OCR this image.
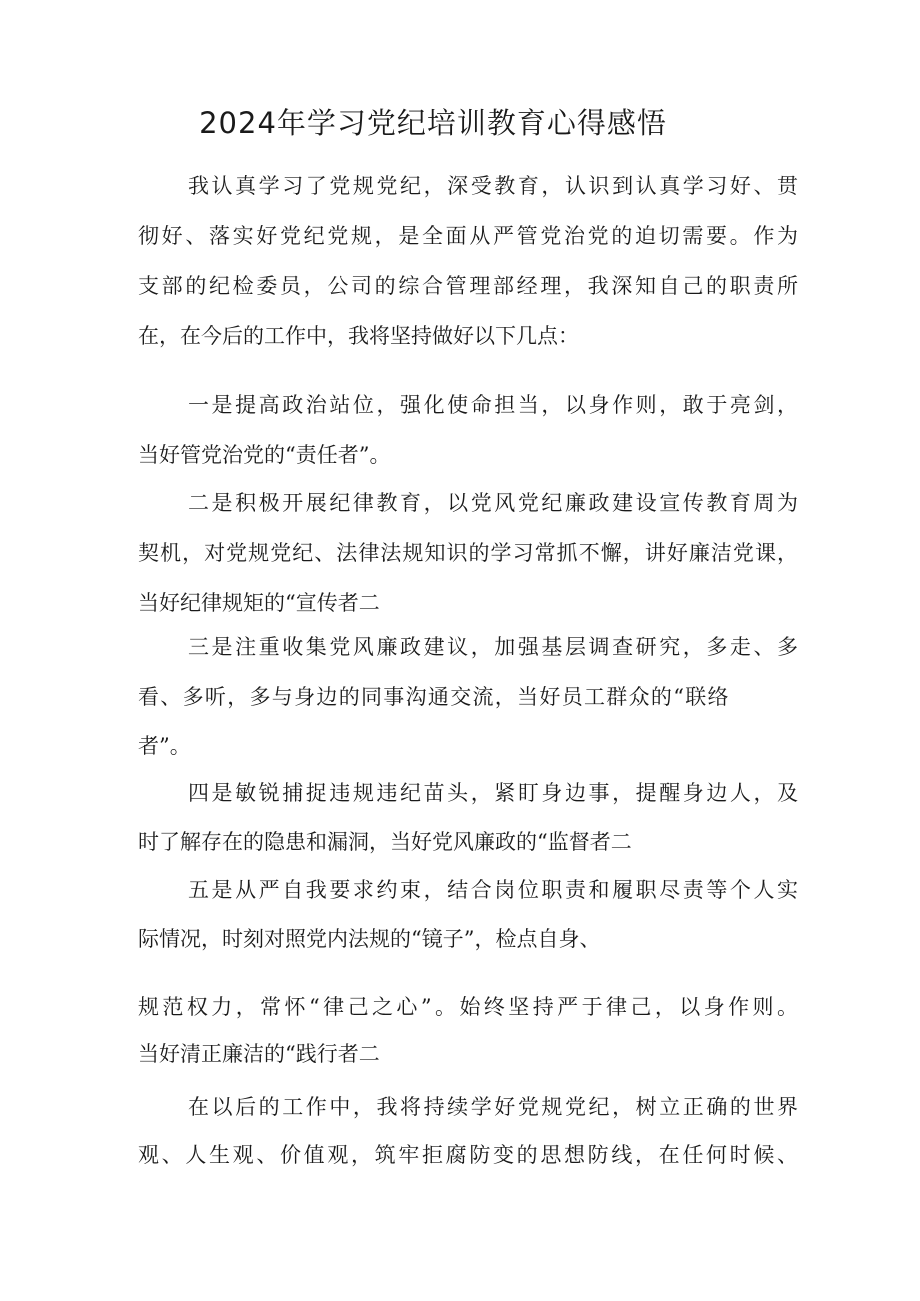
2024年学习党纪培训教育心得感悟
我认真学习了党规党纪，深受教育，认识到认真学习好、贯
彻好、落实好党纪党规，是全面从严管党治党的迫切需要。作为
支部的纪检委员，公司的综合管理部经理，我深知自己的职责所
在，在今后的工作中，我将坚持做好以下几点：
一是提高政治站位，强化使命担当，以身作则，敢于亮剑，
当好管党治党的“责任者”。
二是积极开展纪律教育，以党风党纪廉政建设宣传教育周为
契机，对党规党纪、法律法规知识的学习常抓不懈，讲好廉洁党课，
当好纪律规矩的“宣传者二
三是注重收集党风廉政建议，加强基层调查研究，多走、多
看、多听，多与身边的同事沟通交流，当好员工群众的“联络
者”。
四是敏锐捕捉违规违纪苗头，紧盯身边事，提醒身边人，及
时了解存在的隐患和漏洞，当好党风廉政的“监督者二
五是从严自我要求约束，结合岗位职责和履职尽责等个人实
际情况，时刻对照党内法规的“镜子”，检点自身、
规范权力，常怀“律己之心”。始终坚持严于律己，以身作则。
当好清正廉洁的“践行者二
在以后的工作中，我将持续学好党规党纪，树立正确的世界
观、人生观、价值观，筑牢拒腐防变的思想防线，在任何时候、
